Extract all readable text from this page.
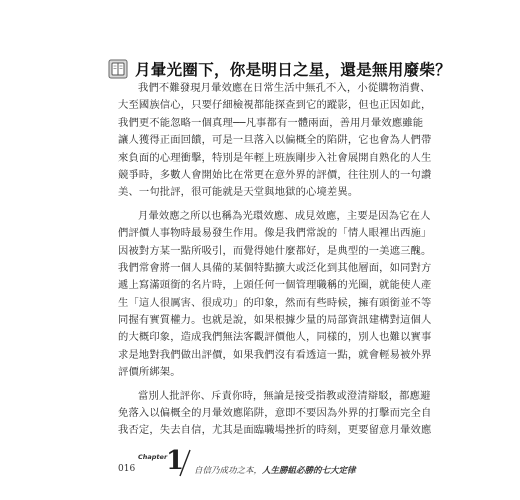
月暈光圈下，你是明日之星，還是無用廢柴？
我們不難發現月暈效應在日常生活中無孔不入，小從購物消費、
大至國族信心，只要仔細檢視都能探查到它的蹤影，但也正因如此，
我們更不能忽略一個真理──凡事都有一體兩面，善用月暈效應雖能
讓人獲得正面回饋，可是一旦落入以偏概全的陷阱，它也會為人們帶
來負面的心理衝擊，特別是年輕上班族剛步入社會展開自熟化的人生
競爭時，多數人會開始比在常更在意外界的評價，往往別人的一句讚
美、一句批評，很可能就是天堂與地獄的心境差異。
月暈效應之所以也稱為光環效應、成見效應，主要是因為它在人
們評價人事物時最易發生作用。像是我們常說的「情人眼裡出西施」
因被對方某一點所吸引，而覺得她什麼都好，是典型的一美遮三醜。
我們常會將一個人具備的某個特點擴大或泛化到其他層面，如同對方
遞上寫滿頭銜的名片時，上頭任何一個管理職稱的光圈，就能使人產
生「這人很厲害、很成功」的印象，然而有些時候，擁有頭銜並不等
同握有實質權力。也就是說，如果根據少量的局部資訊建構對這個人
的大概印象，造成我們無法客觀評價他人，同樣的，別人也難以實事
求是地對我們做出評價，如果我們沒有看透這一點，就會輕易被外界
評價所綁架。
當別人批評你、斥責你時，無論是接受指教或澄清辯駁，都應避
免落入以偏概全的月暈效應陷阱，意即不要因為外界的打擊而完全自
我否定，失去自信，尤其是面臨職場挫折的時刻，更要留意月暈效應
016
Chapter
1 自信乃成功之本，人生勝組必勝的七大定律
